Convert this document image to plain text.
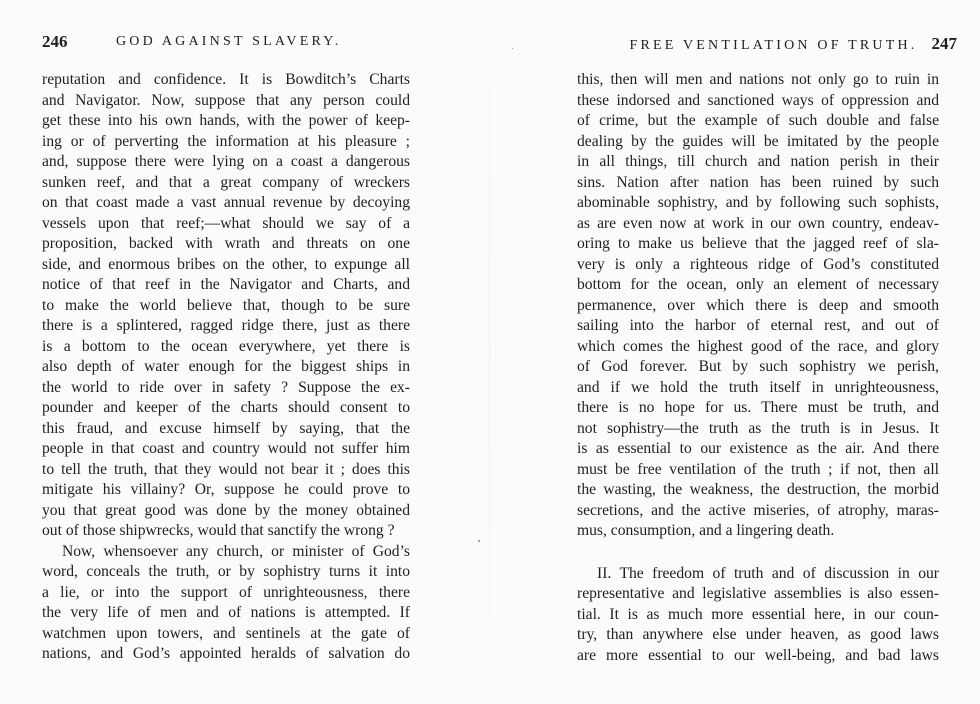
246	GOD AGAINST SLAVERY.
reputation and confidence. It is Bowditch’s Charts
and Navigator. Now, suppose that any person could
get these into his own hands, with the power of keep-
ing or of perverting the information at his pleasure ;
and, suppose there were lying on a coast a dangerous
sunken reef, and that a great company of wreckers
on that coast made a vast annual revenue by decoying
vessels upon that reef;—what should we say of a
proposition, backed with wrath and threats on one
side, and enormous bribes on the other, to expunge all
notice of that reef in the Navigator and Charts, and
to make the world believe that, though to be sure
there is a splintered, ragged ridge there, just as there
is a bottom to the ocean everywhere, yet there is
also depth of water enough for the biggest ships in
the world to ride over in safety ? Suppose the ex-
pounder and keeper of the charts should consent to
this fraud, and excuse himself by saying, that the
people in that coast and country would not suffer him
to tell the truth, that they would not bear it ; does this
mitigate his villainy? Or, suppose he could prove to
you that great good was done by the money obtained
out of those shipwrecks, would that sanctify the wrong ?
Now, whensoever any church, or minister of God’s
word, conceals the truth, or by sophistry turns it into
a lie, or into the support of unrighteousness, there
the very life of men and of nations is attempted. If
watchmen upon towers, and sentinels at the gate of
nations, and God’s appointed heralds of salvation do
FREE VENTILATION OF TRUTH. 247
this, then will men and nations not only go to ruin in
these indorsed and sanctioned ways of oppression and
of crime, but the example of such double and false
dealing by the guides will be imitated by the people
in all things, till church and nation perish in their
sins. Nation after nation has been ruined by such
abominable sophistry, and by following such sophists,
as are even now at work in our own country, endeav-
oring to make us believe that the jagged reef of sla-
very is only a righteous ridge of God’s constituted
bottom for the ocean, only an element of necessary
permanence, over which there is deep and smooth
sailing into the harbor of eternal rest, and out of
which comes the highest good of the race, and glory
of God forever. But by such sophistry we perish,
and if we hold the truth itself in unrighteousness,
there is no hope for us. There must be truth, and
not sophistry—the truth as the truth is in Jesus. It
is as essential to our existence as the air. And there
must be free ventilation of the truth ; if not, then all
the wasting, the weakness, the destruction, the morbid
secretions, and the active miseries, of atrophy, maras-
mus, consumption, and a lingering death.
II. The freedom of truth and of discussion in our
representative and legislative assemblies is also essen-
tial. It is as much more essential here, in our coun-
try, than anywhere else under heaven, as good laws
are more essential to our well-being, and bad laws
